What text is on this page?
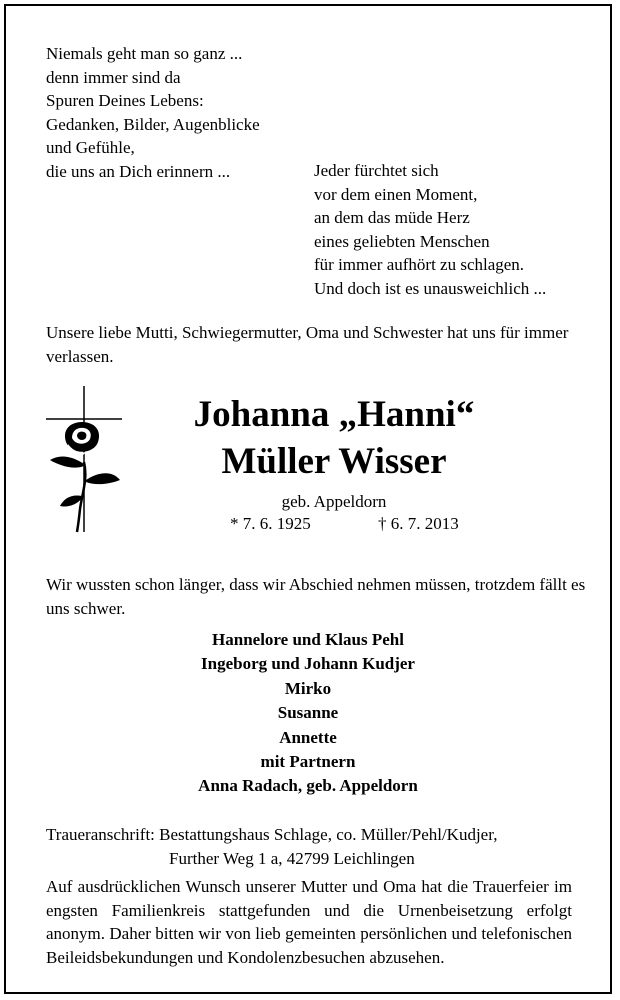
Niemals geht man so ganz ...
denn immer sind da
Spuren Deines Lebens:
Gedanken, Bilder, Augenblicke
und Gefühle,
die uns an Dich erinnern ...	Jeder fürchtet sich
vor dem einen Moment,
an dem das müde Herz
eines geliebten Menschen
für immer aufhört zu schlagen.
Und doch ist es unausweichlich ...
Unsere liebe Mutti, Schwiegermutter, Oma und Schwester hat uns für immer verlassen.
Johanna „Hanni“
Müller Wisser
geb. Appeldorn
* 7. 6. 1925	† 6. 7. 2013
Wir wussten schon länger, dass wir Abschied nehmen müssen, trotzdem fällt es uns schwer.
Hannelore und Klaus Pehl
Ingeborg und Johann Kudjer
Mirko
Susanne
Annette
mit Partnern
Anna Radach, geb. Appeldorn
Traueranschrift: Bestattungshaus Schlage, co. Müller/Pehl/Kudjer,
Further Weg 1 a, 42799 Leichlingen
Auf ausdrücklichen Wunsch unserer Mutter und Oma hat die Trauerfeier im engsten Familienkreis stattgefunden und die Urnenbeisetzung erfolgt anonym. Daher bitten wir von lieb gemeinten persönlichen und telefonischen Beileidsbekundungen und Kondolenzbesuchen abzusehen.
